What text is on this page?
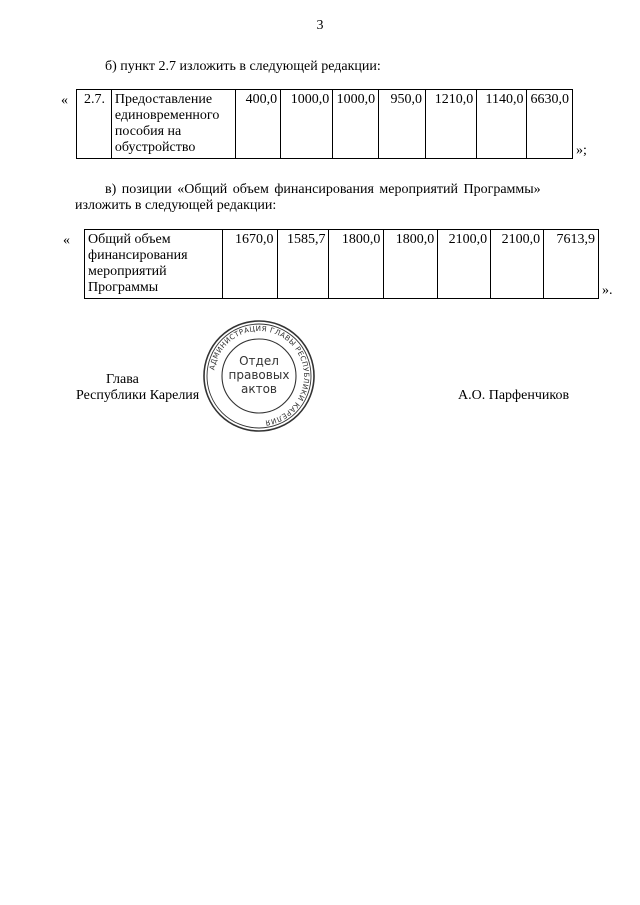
3
б) пункт 2.7 изложить в следующей редакции:
« 2.7.	Предоставление
единовременного
пособия на
обустройство
	400,0	1000,0	1000,0	950,0	1210,0	1140,0	6630,0
»;
в) позиции «Общий объем финансирования мероприятий Программы»
изложить в следующей редакции:
« Общий объем
финансирования
мероприятий
Программы
	1670,0	1585,7	1800,0	1800,0	2100,0	2100,0	7613,9
».
АДМИНИСТРАЦИЯ ГЛАВЫ РЕСПУБЛИКИ КАРЕЛИЯ
Отдел
правовых
актов
Глава
Республики Карелия	А.О. Парфенчиков
